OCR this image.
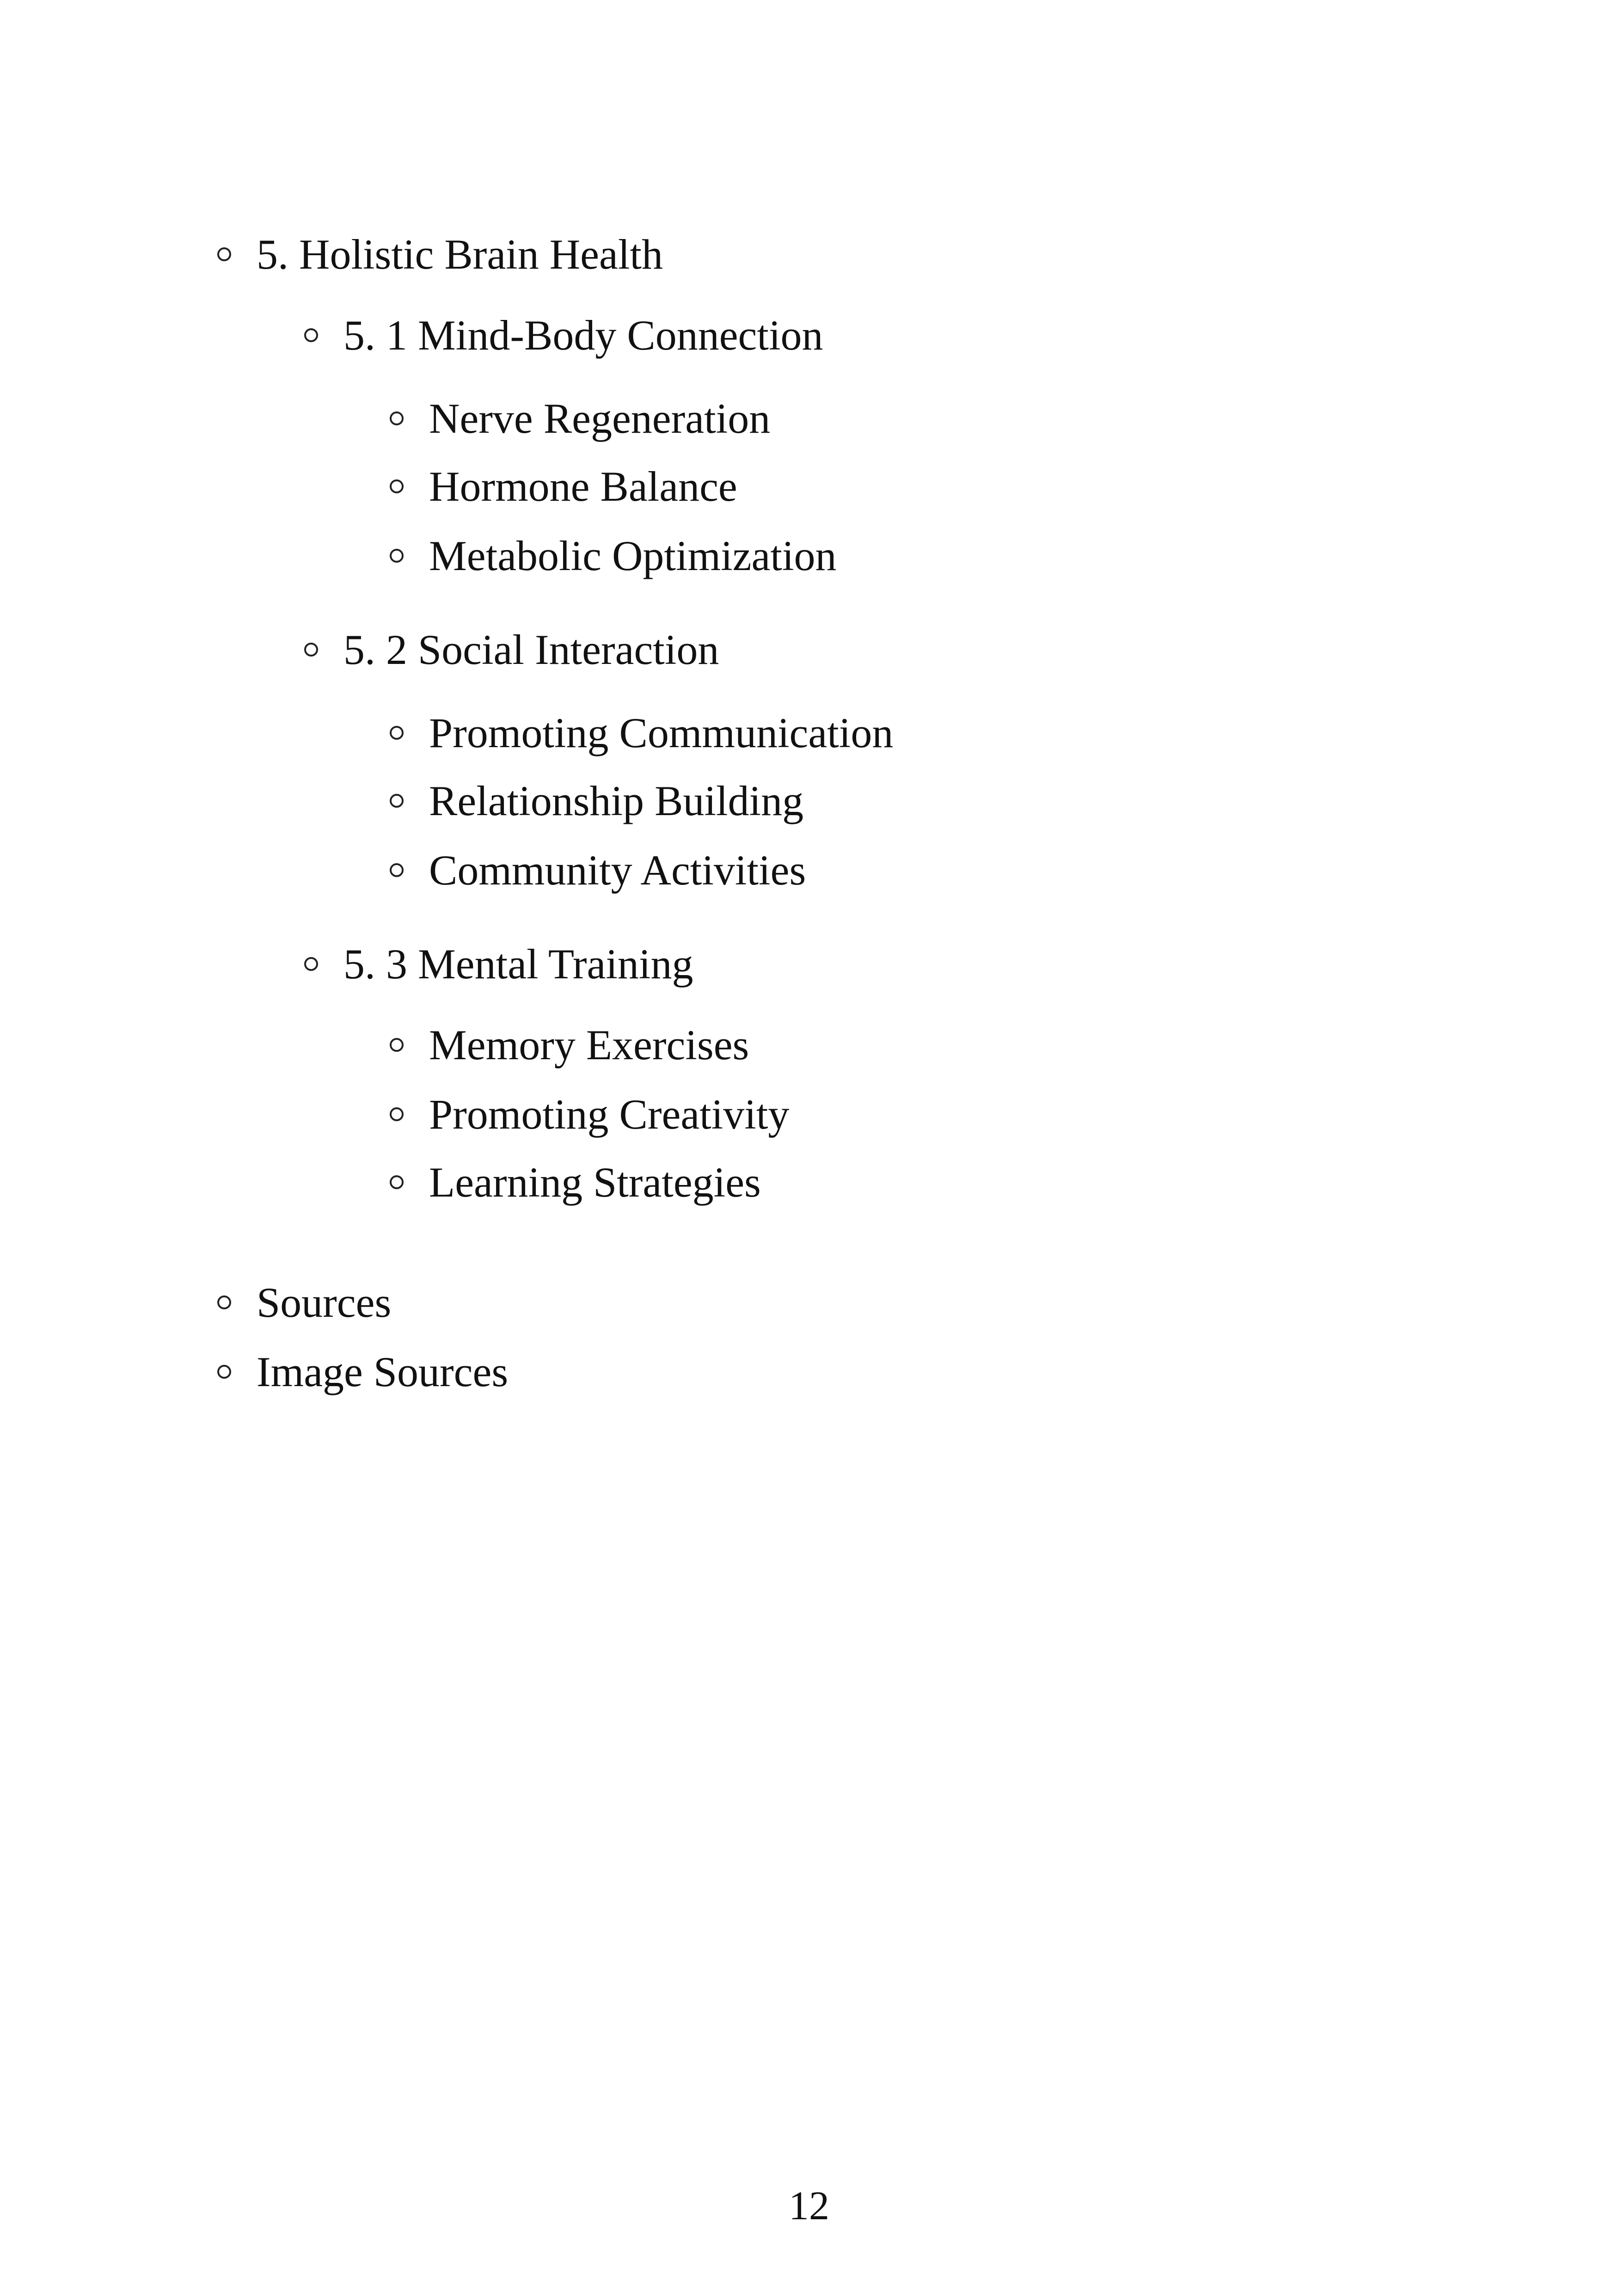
5. Holistic Brain Health
5. 1 Mind-Body Connection
Nerve Regeneration
Hormone Balance
Metabolic Optimization
5. 2 Social Interaction
Promoting Communication
Relationship Building
Community Activities
5. 3 Mental Training
Memory Exercises
Promoting Creativity
Learning Strategies
Sources
Image Sources
12
